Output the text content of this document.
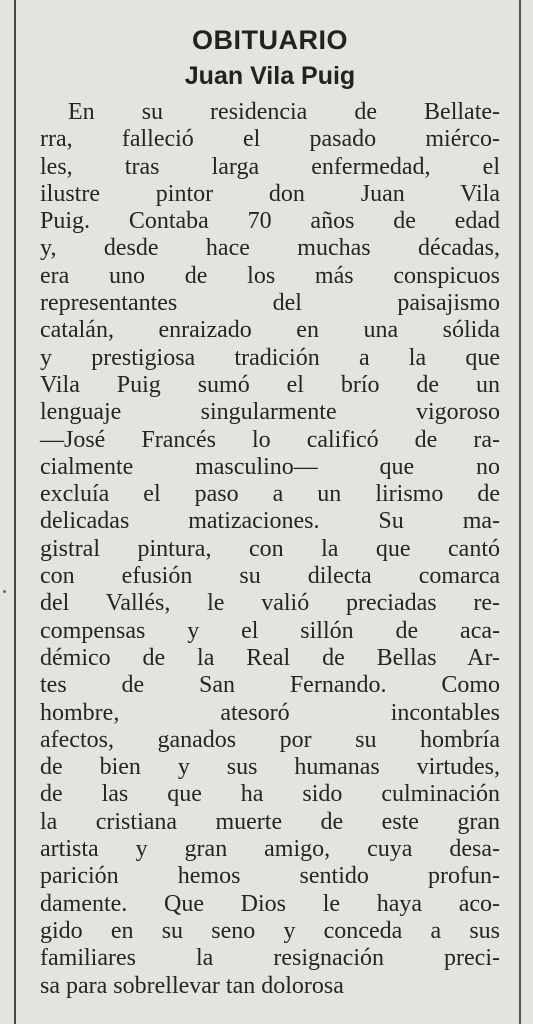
OBITUARIO
Juan Vila Puig
En su residencia de Bellate-
rra, falleció el pasado miérco-
les, tras larga enfermedad, el
ilustre pintor don Juan Vila
Puig. Contaba 70 años de edad
y, desde hace muchas décadas,
era uno de los más conspicuos
representantes del paisajismo
catalán, enraizado en una sólida
y prestigiosa tradición a la que
Vila Puig sumó el brío de un
lenguaje singularmente vigoroso
—José Francés lo calificó de ra-
cialmente masculino— que no
excluía el paso a un lirismo de
delicadas matizaciones. Su ma-
gistral pintura, con la que cantó
con efusión su dilecta comarca
del Vallés, le valió preciadas re-
compensas y el sillón de aca-
démico de la Real de Bellas Ar-
tes de San Fernando. Como
hombre, atesoró incontables
afectos, ganados por su hombría
de bien y sus humanas virtudes,
de las que ha sido culminación
la cristiana muerte de este gran
artista y gran amigo, cuya desa-
parición hemos sentido profun-
damente. Que Dios le haya aco-
gido en su seno y conceda a sus
familiares la resignación preci-
sa para sobrellevar tan dolorosa
